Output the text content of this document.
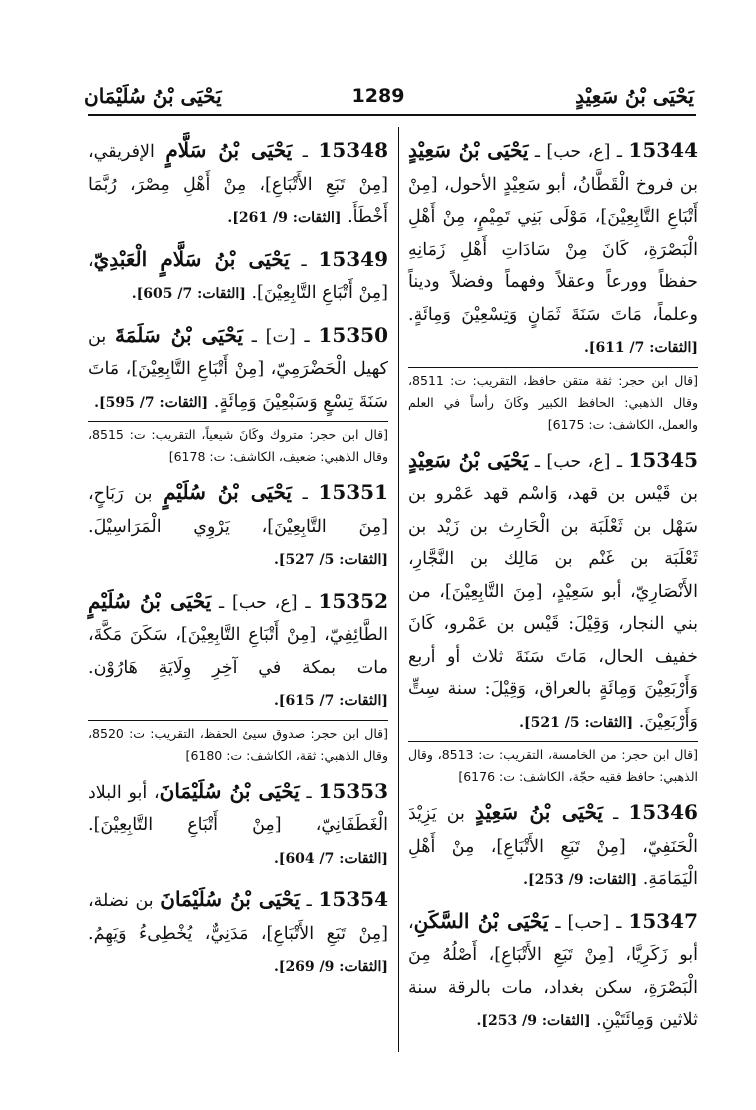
يَحْيَى بْنُ سَعِيْدٍ
1289
يَحْيَى بْنُ سُلَيْمَان
15344 ـ [ع، حب] ـ يَحْيَى بْنُ سَعِيْدٍ بن فروخ الْقَطَّانُ، أبو سَعِيْدٍ الأحول، [مِنْ أَتْبَاعِ التَّابِعِيْنَ]، مَوْلَى بَنِي تَمِيْمٍ، مِنْ أَهْلِ الْبَصْرَةِ، كَانَ مِنْ سَادَاتِ أَهْلِ زَمَانِهِ حفظاً وورعاً وعقلاً وفهماً وفضلاً وديناً وعلماً، مَاتَ سَنَةَ ثَمَانٍ وَتِسْعِيْنَ وَمِائَةٍ. [الثقات: 7/ 611].
[قال ابن حجر: ثقة متقن حافظ، التقريب: ت: 8511، وقال الذهبي: الحافظ الكبير وكَانَ رأساً في العلم والعمل، الكاشف: ت: 6175]
15345 ـ [ع، حب] ـ يَحْيَى بْنُ سَعِيْدٍ بن قَيْس بن قهد، وَاسْم قهد عَمْرو بن سَهْل بن ثَعْلَبَة بن الْحَارِث بن زَيْد بن ثَعْلَبَة بن غَنْم بن مَالِك بن النَّجَّارِ، الأَنْصَارِيّ، أبو سَعِيْدٍ، [مِنَ التَّابِعِيْنَ]، من بني النجار، وَقِيْلَ: قَيْس بن عَمْرو، كَانَ خفيف الحال، مَاتَ سَنَةَ ثلاث أو أربع وَأَرْبَعِيْنَ وَمِائَةٍ بالعراق، وَقِيْلَ: سنة سِتٍّ وَأَرْبَعِيْنَ. [الثقات: 5/ 521].
[قال ابن حجر: من الخامسة، التقريب: ت: 8513، وقال الذهبي: حافظ فقيه حجّة، الكاشف: ت: 6176]
15346 ـ يَحْيَى بْنُ سَعِيْدٍ بن يَزِيْدَ الْحَنَفِيّ، [مِنْ تَبَعِ الأَتْبَاعِ]، مِنْ أَهْلِ الْيَمَامَةِ. [الثقات: 9/ 253].
15347 ـ [حب] ـ يَحْيَى بْنُ السَّكَنِ، أبو زَكَرِيَّا، [مِنْ تَبَعِ الأَتْبَاعِ]، أَصْلُهُ مِنَ الْبَصْرَةِ، سكن بغداد، مات بالرقة سنة ثلاثين وَمِائَتَيْنِ. [الثقات: 9/ 253].
15348 ـ يَحْيَى بْنُ سَلَّامٍ الإفريقي، [مِنْ تَبَعِ الأَتْبَاعِ]، مِنْ أَهْلِ مِصْرَ، رُبَّمَا أَخْطَأَ. [الثقات: 9/ 261].
15349 ـ يَحْيَى بْنُ سَلَّامٍ الْعَبْدِيّ، [مِنْ أَتْبَاعِ التَّابِعِيْنَ]. [الثقات: 7/ 605].
15350 ـ [ت] ـ يَحْيَى بْنُ سَلَمَةَ بن كهيل الْحَضْرَمِيّ، [مِنْ أَتْبَاعِ التَّابِعِيْنَ]، مَاتَ سَنَةَ تِسْعٍ وَسَبْعِيْنَ وَمِائَةٍ. [الثقات: 7/ 595].
[قال ابن حجر: متروك وكَانَ شيعياً، التقريب: ت: 8515، وقال الذهبي: ضعيف، الكاشف: ت: 6178]
15351 ـ يَحْيَى بْنُ سُلَيْمٍ بن رَبَاحٍ، [مِنَ التَّابِعِيْنَ]، يَرْوِي الْمَرَاسِيْلَ. [الثقات: 5/ 527].
15352 ـ [ع، حب] ـ يَحْيَى بْنُ سُلَيْمٍ الطَّائِفِيّ، [مِنْ أَتْبَاعِ التَّابِعِيْنَ]، سَكَنَ مَكَّةَ، مات بمكة في آخِرِ وِلَايَةِ هَارُوْن. [الثقات: 7/ 615].
[قال ابن حجر: صدوق سيئ الحفظ، التقريب: ت: 8520، وقال الذهبي: ثقة، الكاشف: ت: 6180]
15353 ـ يَحْيَى بْنُ سُلَيْمَانَ، أبو البلاد الْغَطَفَانِيّ، [مِنْ أَتْبَاعِ التَّابِعِيْنَ]. [الثقات: 7/ 604].
15354 ـ يَحْيَى بْنُ سُلَيْمَانَ بن نضلة، [مِنْ تَبَعِ الأَتْبَاعِ]، مَدَنِيٌّ، يُخْطِىءُ وَيَهِمُ. [الثقات: 9/ 269].
